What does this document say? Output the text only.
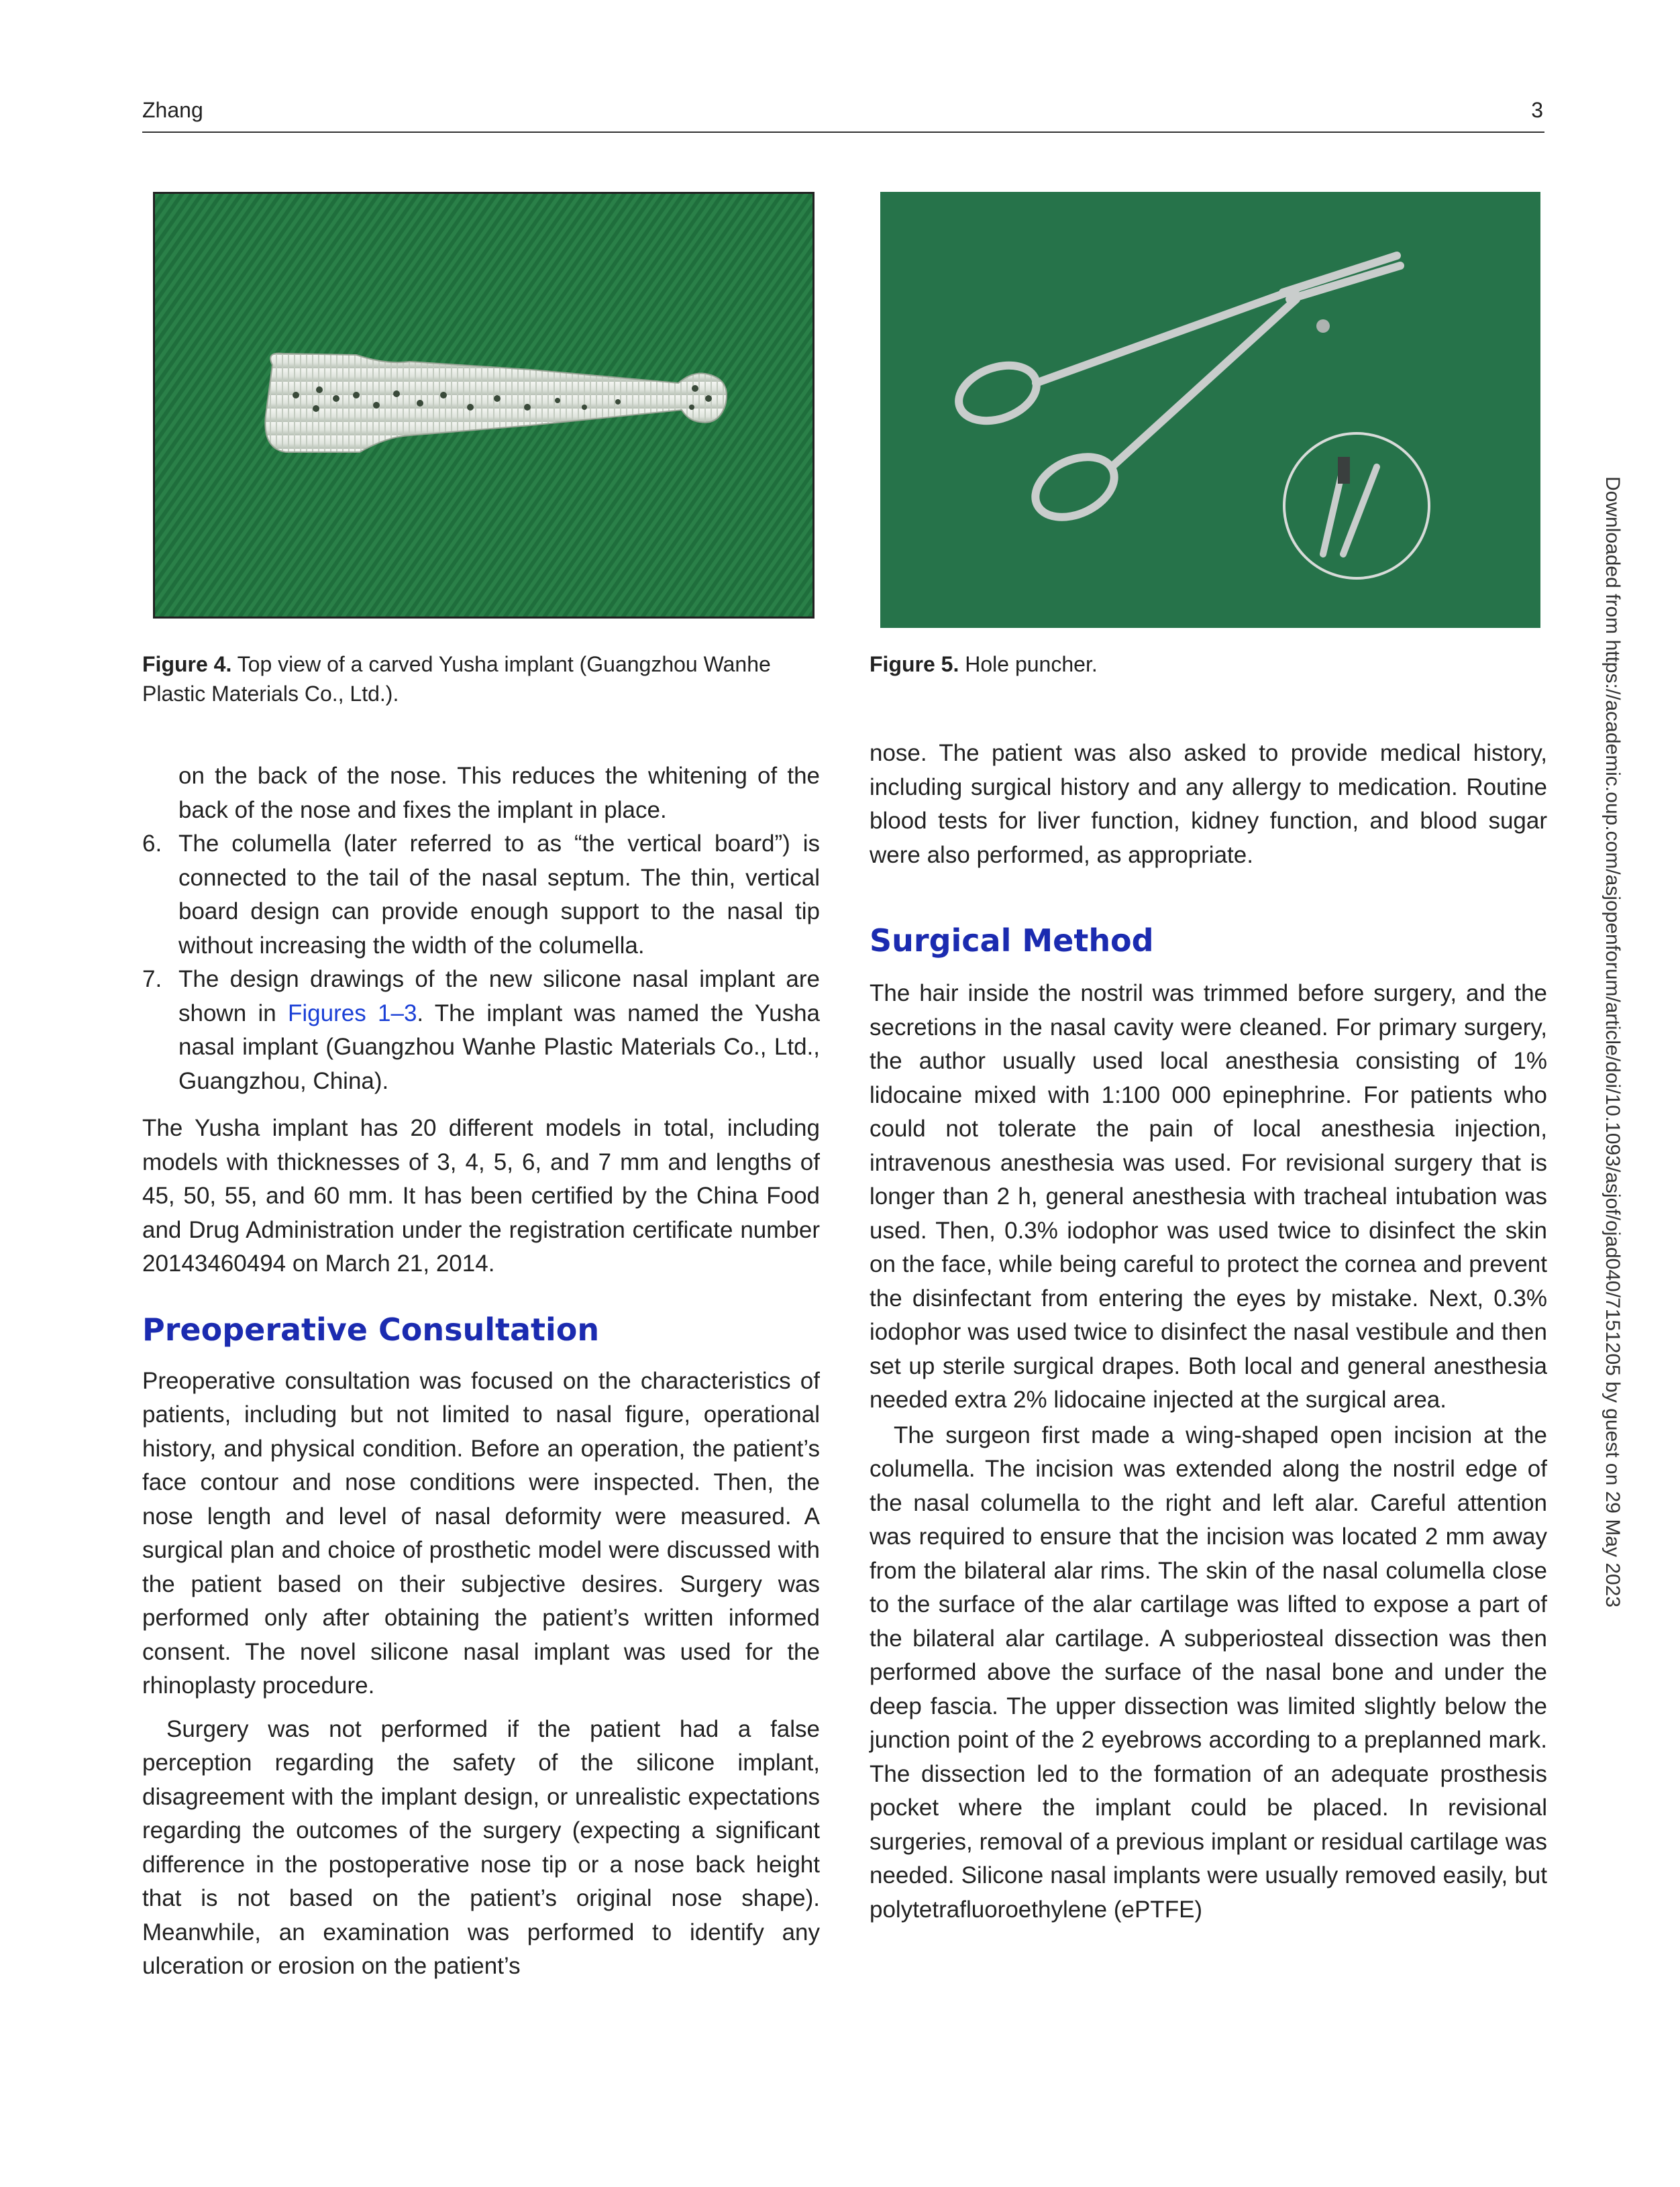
Zhang	3
Figure 4. Top view of a carved Yusha implant (Guangzhou Wanhe Plastic Materials Co., Ltd.).
Figure 5. Hole puncher.
on the back of the nose. This reduces the whitening of the back of the nose and fixes the implant in place.
6. The columella (later referred to as “the vertical board”) is connected to the tail of the nasal septum. The thin, vertical board design can provide enough support to the nasal tip without increasing the width of the columella.
7. The design drawings of the new silicone nasal implant are shown in Figures 1–3. The implant was named the Yusha nasal implant (Guangzhou Wanhe Plastic Materials Co., Ltd., Guangzhou, China).

The Yusha implant has 20 different models in total, including models with thicknesses of 3, 4, 5, 6, and 7 mm and lengths of 45, 50, 55, and 60 mm. It has been certified by the China Food and Drug Administration under the registration certificate number 20143460494 on March 21, 2014.

Preoperative Consultation

Preoperative consultation was focused on the characteristics of patients, including but not limited to nasal figure, operational history, and physical condition. Before an operation, the patient’s face contour and nose conditions were inspected. Then, the nose length and level of nasal deformity were measured. A surgical plan and choice of prosthetic model were discussed with the patient based on their subjective desires. Surgery was performed only after obtaining the patient’s written informed consent. The novel silicone nasal implant was used for the rhinoplasty procedure.

Surgery was not performed if the patient had a false perception regarding the safety of the silicone implant, disagreement with the implant design, or unrealistic expectations regarding the outcomes of the surgery (expecting a significant difference in the postoperative nose tip or a nose back height that is not based on the patient’s original nose shape). Meanwhile, an examination was performed to identify any ulceration or erosion on the patient’s

nose. The patient was also asked to provide medical history, including surgical history and any allergy to medication. Routine blood tests for liver function, kidney function, and blood sugar were also performed, as appropriate.

Surgical Method

The hair inside the nostril was trimmed before surgery, and the secretions in the nasal cavity were cleaned. For primary surgery, the author usually used local anesthesia consisting of 1% lidocaine mixed with 1:100 000 epinephrine. For patients who could not tolerate the pain of local anesthesia injection, intravenous anesthesia was used. For revisional surgery that is longer than 2 h, general anesthesia with tracheal intubation was used. Then, 0.3% iodophor was used twice to disinfect the skin on the face, while being careful to protect the cornea and prevent the disinfectant from entering the eyes by mistake. Next, 0.3% iodophor was used twice to disinfect the nasal vestibule and then set up sterile surgical drapes. Both local and general anesthesia needed extra 2% lidocaine injected at the surgical area.

The surgeon first made a wing-shaped open incision at the columella. The incision was extended along the nostril edge of the nasal columella to the right and left alar. Careful attention was required to ensure that the incision was located 2 mm away from the bilateral alar rims. The skin of the nasal columella close to the surface of the alar cartilage was lifted to expose a part of the bilateral alar cartilage. A subperiosteal dissection was then performed above the surface of the nasal bone and under the deep fascia. The upper dissection was limited slightly below the junction point of the 2 eyebrows according to a preplanned mark. The dissection led to the formation of an adequate prosthesis pocket where the implant could be placed. In revisional surgeries, removal of a previous implant or residual cartilage was needed. Silicone nasal implants were usually removed easily, but polytetrafluoroethylene (ePTFE)

Downloaded from https://academic.oup.com/asjopenforum/article/doi/10.1093/asjof/ojad040/7151205 by guest on 29 May 2023
